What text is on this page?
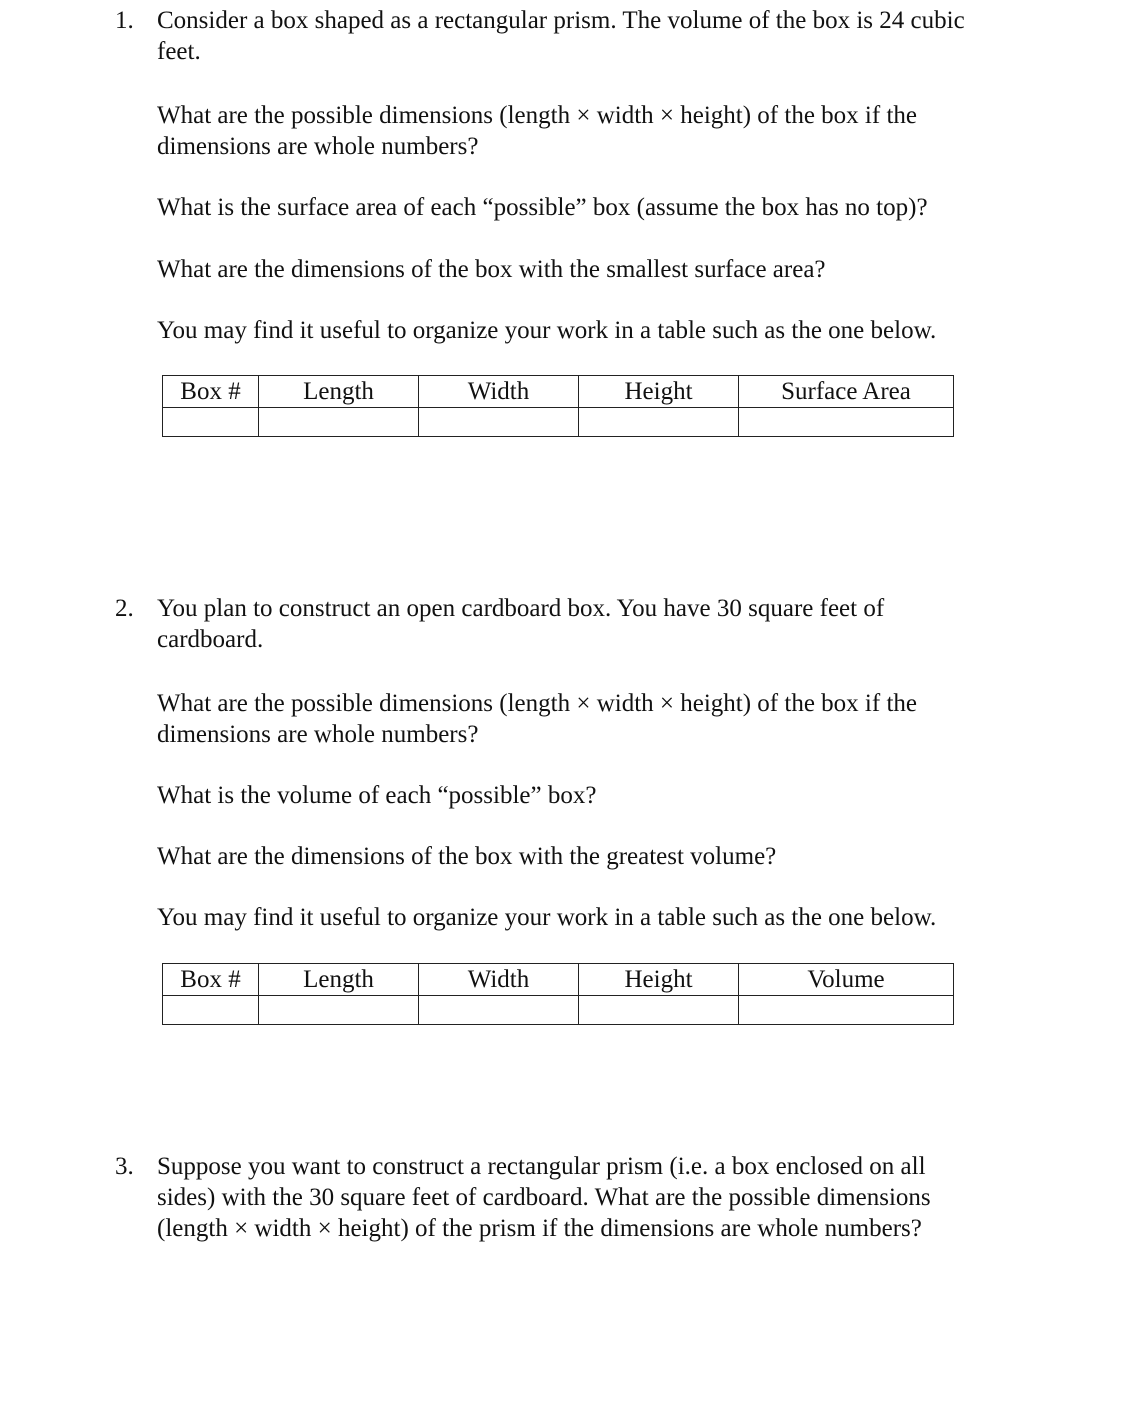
1. Consider a box shaped as a rectangular prism. The volume of the box is 24 cubic
feet.
What are the possible dimensions (length × width × height) of the box if the
dimensions are whole numbers?
What is the surface area of each “possible” box (assume the box has no top)?
What are the dimensions of the box with the smallest surface area?
You may find it useful to organize your work in a table such as the one below.
Box #	Length	Width	Height	Surface Area

2. You plan to construct an open cardboard box. You have 30 square feet of
cardboard.
What are the possible dimensions (length × width × height) of the box if the
dimensions are whole numbers?
What is the volume of each “possible” box?
What are the dimensions of the box with the greatest volume?
You may find it useful to organize your work in a table such as the one below.
Box #	Length	Width	Height	Volume

3. Suppose you want to construct a rectangular prism (i.e. a box enclosed on all
sides) with the 30 square feet of cardboard. What are the possible dimensions
(length × width × height) of the prism if the dimensions are whole numbers?
